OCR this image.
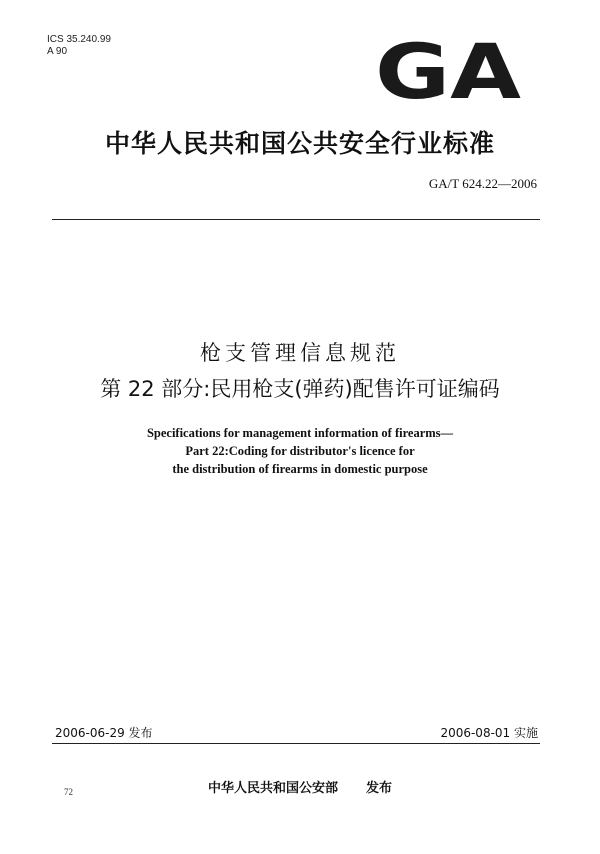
ICS 35.240.99
A 90	GA
中华人民共和国公共安全行业标准
GA/T 624.22—2006
枪支管理信息规范
第 22 部分:民用枪支(弹药)配售许可证编码
Specifications for management information of firearms—
Part 22:Coding for distributor's licence for
the distribution of firearms in domestic purpose
2006-06-29 发布	2006-08-01 实施
中华人民共和国公安部 发布
72
